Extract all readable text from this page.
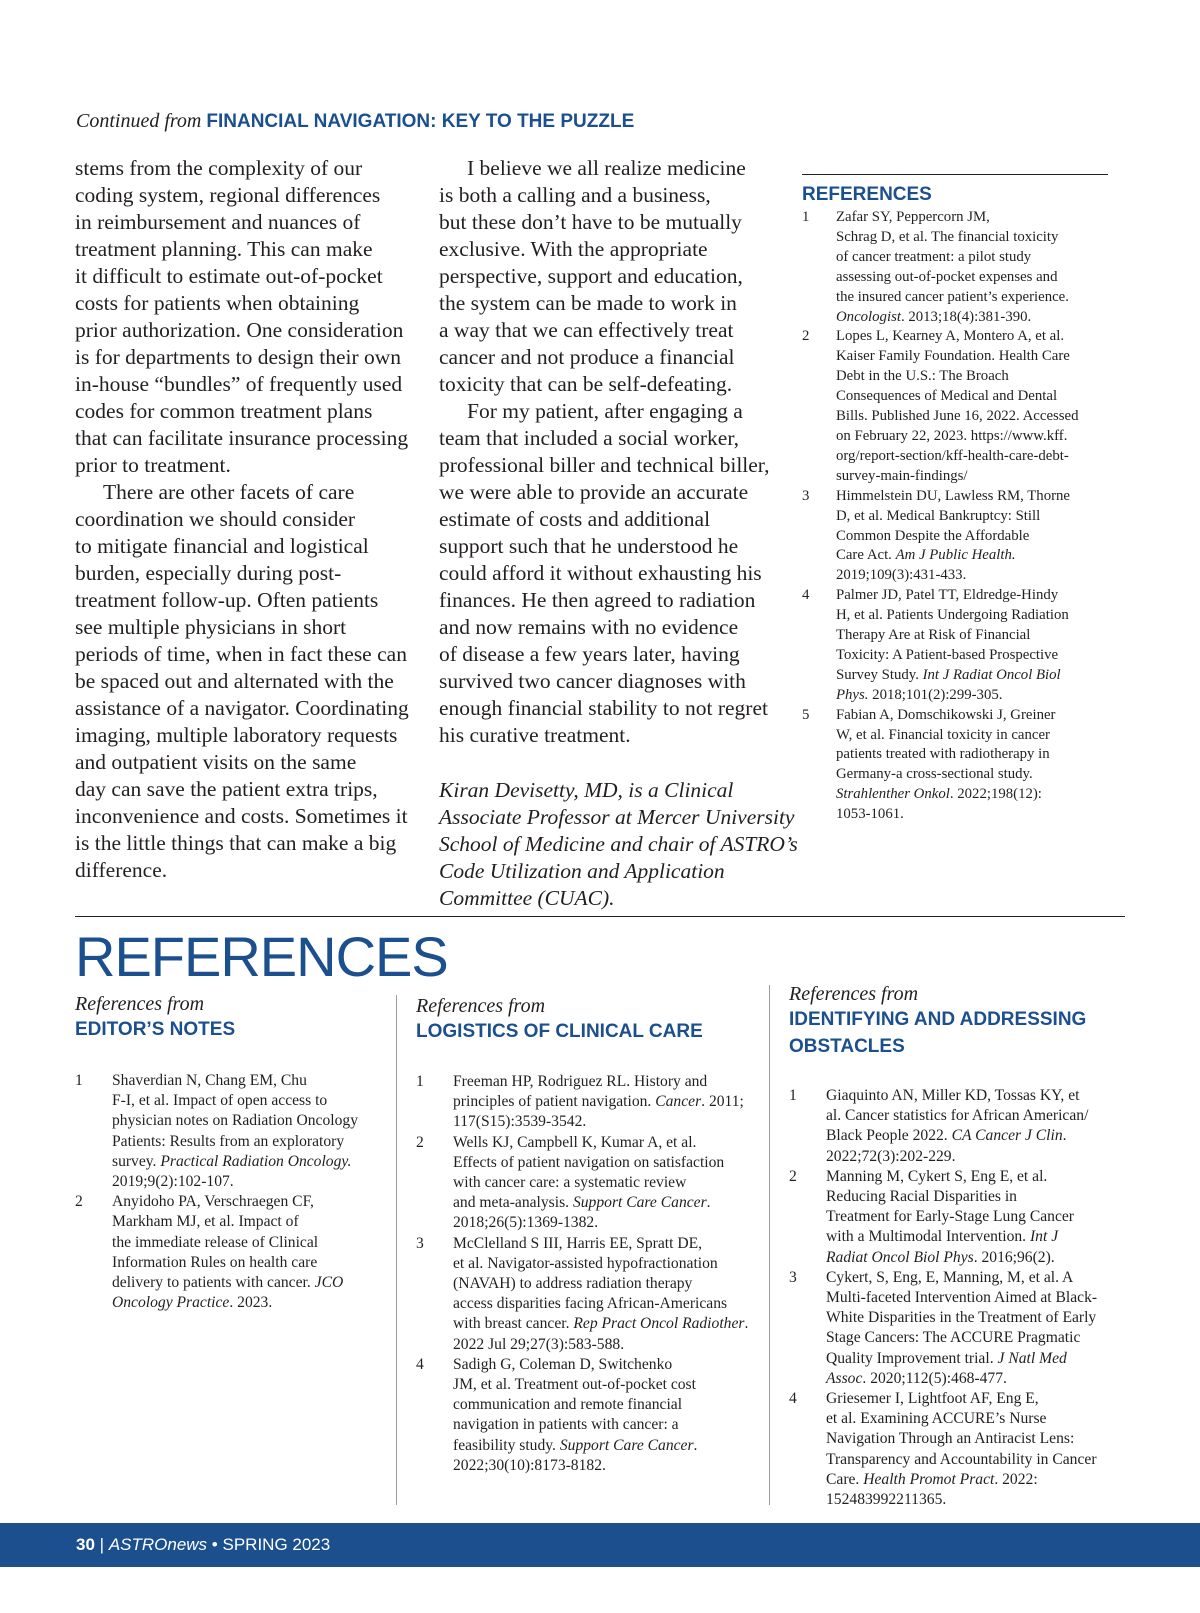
Continued from FINANCIAL NAVIGATION: KEY TO THE PUZZLE

stems from the complexity of our

coding system, regional differences

in reimbursement and nuances of

treatment planning. This can make

it difficult to estimate out-of-pocket

costs for patients when obtaining

prior authorization. One consideration

is for departments to design their own

in-house “bundles” of frequently used

codes for common treatment plans

that can facilitate insurance processing

prior to treatment.

There are other facets of care

coordination we should consider

to mitigate financial and logistical

burden, especially during post-

treatment follow-up. Often patients

see multiple physicians in short

periods of time, when in fact these can

be spaced out and alternated with the

assistance of a navigator. Coordinating

imaging, multiple laboratory requests

and outpatient visits on the same

day can save the patient extra trips,

inconvenience and costs. Sometimes it

is the little things that can make a big

difference.

I believe we all realize medicine

is both a calling and a business,

but these don’t have to be mutually

exclusive. With the appropriate

perspective, support and education,

the system can be made to work in

a way that we can effectively treat

cancer and not produce a financial

toxicity that can be self-defeating.

For my patient, after engaging a

team that included a social worker,

professional biller and technical biller,

we were able to provide an accurate

estimate of costs and additional

support such that he understood he

could afford it without exhausting his

finances. He then agreed to radiation

and now remains with no evidence

of disease a few years later, having

survived two cancer diagnoses with

enough financial stability to not regret

his curative treatment.

Kiran Devisetty, MD, is a Clinical
Associate Professor at Mercer University
School of Medicine and chair of ASTRO’s
Code Utilization and Application
Committee (CUAC).
REFERENCES
1	Zafar SY, Peppercorn JM,
Schrag D, et al. The financial toxicity
of cancer treatment: a pilot study
assessing out-of-pocket expenses and
the insured cancer patient’s experience.
Oncologist. 2013;18(4):381-390.
2	Lopes L, Kearney A, Montero A, et al.
Kaiser Family Foundation. Health Care
Debt in the U.S.: The Broach
Consequences of Medical and Dental
Bills. Published June 16, 2022. Accessed
on February 22, 2023. https://www.kff.
org/report-section/kff-health-care-debt-
survey-main-findings/
3	Himmelstein DU, Lawless RM, Thorne
D, et al. Medical Bankruptcy: Still
Common Despite the Affordable
Care Act. Am J Public Health.
2019;109(3):431-433.
4	Palmer JD, Patel TT, Eldredge-Hindy
H, et al. Patients Undergoing Radiation
Therapy Are at Risk of Financial
Toxicity: A Patient-based Prospective
Survey Study. Int J Radiat Oncol Biol
Phys. 2018;101(2):299-305.
5	Fabian A, Domschikowski J, Greiner
W, et al. Financial toxicity in cancer
patients treated with radiotherapy in
Germany-a cross-sectional study.
Strahlenther Onkol. 2022;198(12):
1053-1061.
REFERENCES
References from
EDITOR’S NOTES
1	Shaverdian N, Chang EM, Chu
F-I, et al. Impact of open access to
physician notes on Radiation Oncology
Patients: Results from an exploratory
survey. Practical Radiation Oncology.
2019;9(2):102-107.
2	Anyidoho PA, Verschraegen CF,
Markham MJ, et al. Impact of
the immediate release of Clinical
Information Rules on health care
delivery to patients with cancer. JCO
Oncology Practice. 2023.
References from
LOGISTICS OF CLINICAL CARE
1	Freeman HP, Rodriguez RL. History and
principles of patient navigation. Cancer. 2011;
117(S15):3539-3542.
2	Wells KJ, Campbell K, Kumar A, et al.
Effects of patient navigation on satisfaction
with cancer care: a systematic review
and meta-analysis. Support Care Cancer.
2018;26(5):1369-1382.
3	McClelland S III, Harris EE, Spratt DE,
et al. Navigator-assisted hypofractionation
(NAVAH) to address radiation therapy
access disparities facing African-Americans
with breast cancer. Rep Pract Oncol Radiother.
2022 Jul 29;27(3):583-588.
4	Sadigh G, Coleman D, Switchenko
JM, et al. Treatment out-of-pocket cost
communication and remote financial
navigation in patients with cancer: a
feasibility study. Support Care Cancer.
2022;30(10):8173-8182.
References from
IDENTIFYING AND ADDRESSING
OBSTACLES
1	Giaquinto AN, Miller KD, Tossas KY, et
al. Cancer statistics for African American/
Black People 2022. CA Cancer J Clin.
2022;72(3):202-229.
2	Manning M, Cykert S, Eng E, et al.
Reducing Racial Disparities in
Treatment for Early-Stage Lung Cancer
with a Multimodal Intervention. Int J
Radiat Oncol Biol Phys. 2016;96(2).
3	Cykert, S, Eng, E, Manning, M, et al. A
Multi-faceted Intervention Aimed at Black-
White Disparities in the Treatment of Early
Stage Cancers: The ACCURE Pragmatic
Quality Improvement trial. J Natl Med
Assoc. 2020;112(5):468-477.
4	Griesemer I, Lightfoot AF, Eng E,
et al. Examining ACCURE’s Nurse
Navigation Through an Antiracist Lens:
Transparency and Accountability in Cancer
Care. Health Promot Pract. 2022:
152483992211365.
30 | ASTROnews • SPRING 2023
